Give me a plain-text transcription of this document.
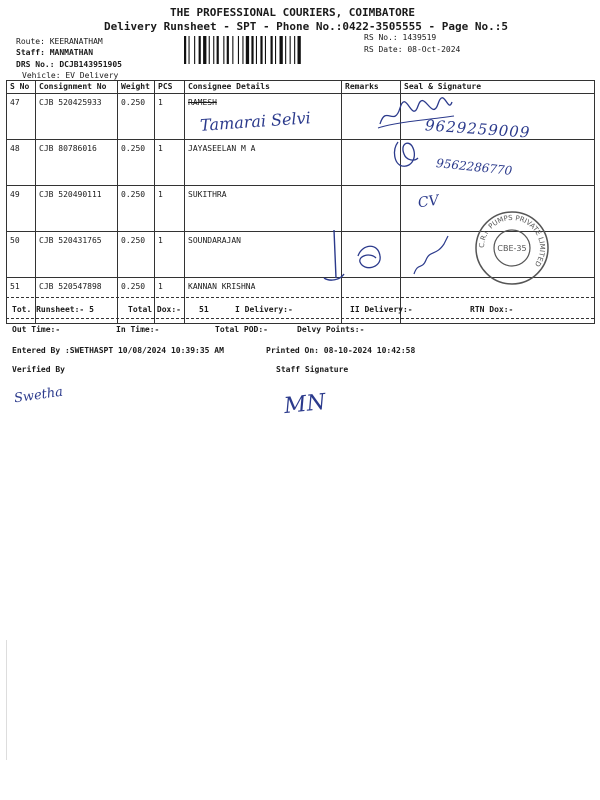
THE PROFESSIONAL COURIERS, COIMBATORE
Delivery Runsheet - SPT - Phone No.:0422-3505555 - Page No.:5
Route: KEERANATHAM
Staff: MANMATHAN
DRS No.: DCJB143951905
Vehicle: EV Delivery
RS No.: 1439519
RS Date: 08-Oct-2024
S No	Consignment No	Weight	PCS	Consignee Details	Remarks	Seal & Signature
47	CJB 520425933	0.250	1	RAMESH		
48	CJB 80786016	0.250	1	JAYASEELAN M A		
49	CJB 520490111	0.250	1	SUKITHRA		
50	CJB 520431765	0.250	1	SOUNDARAJAN		
51	CJB 520547898	0.250	1	KANNAN KRISHNA		
Tot. Runsheet:- 5	Total Dox:- 51	I Delivery:-	II Delivery:-	RTN Dox:-
Out Time:-	In Time:-	Total POD:-	Delvy Points:-
Entered By :SWETHASPT 10/08/2024 10:39:35 AM	Printed On: 08-10-2024 10:42:58
Verified By	Staff Signature
Tamarai Selvi	9629259009
9562286770
CV
Swetha	MN
C.R.I. PUMPS PRIVATE LIMITED
CBE-35
